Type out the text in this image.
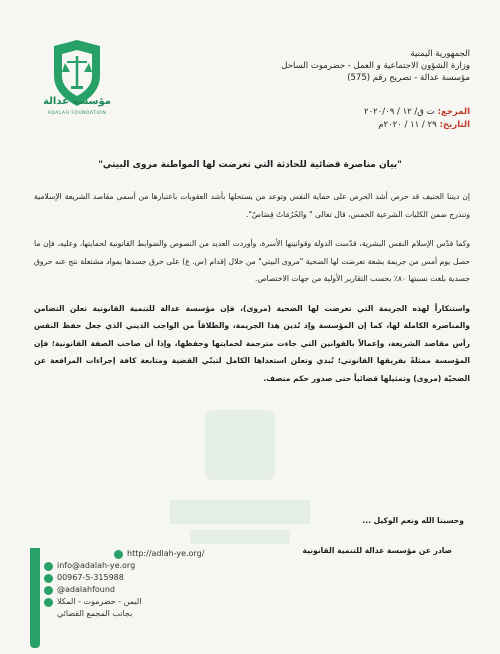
مؤسسة عدالة
ADALAH FOUNDATION
الجمهورية اليمنية
وزارة الشؤون الاجتماعية و العمل - حضرموت الساحل
مؤسسة عدالة - تصريح رقم (575)
المرجع: ت ق/ ١٢ / ٢٠٢٠/٠٩
التاريخ: ٢٩ / ١١ / ٢٠٢٠م
"بيان مناصرة قضائية للحادثة التي تعرضت لها المواطنة مروى البيتي"

إن ديننا الحنيف قد حرص أشد الحرص على حماية النفس وتوعد من يستحلها بأشد العقوبات باعتبارها من أسمى مقاصد الشريعة الإسلامية وتندرج ضمن الكليات الشرعية الخمس، قال تعالى " والحُرُمَاتُ قِصَاصٌ".

وكما قدّس الإسلام النفس البشرية، قدّست الدولة وقوانينها الأسرة، وأوردت العديد من النصوص والضوابط القانونية لحمايتها، وعليه، فإن ما حصل يوم أمس من جريمة بشعة تعرضت لها الضحية "مروى البيتي" من خلال إقدام (س. ع) على حرق جسدها بمواد مشتعلة نتج عنه حروق جسدية بلغت نسبتها ٨٠٪ بحسب التقارير الأولية من جهات الاختصاص.

واستنكاراً لهذه الجريمة التي تعرضت لها الضحية (مروى)، فإن مؤسسة عدالة للتنمية القانونية تعلن التضامن والمناصرة الكاملة لها، كما إن المؤسسة وإذ تُدين هذا الجريمة، والطلاقاً من الواجب الديني الذي جعل حفظ النفس رأس مقاصد الشريعة، وإعمالاً بالقوانين التي جاءت مترجمة لحمايتها وحفظها، وإذا أن صاحب الصفة القانونية؛ فإن المؤسسة ممثلةً بفريقها القانوني؛ تُبدي وتعلن استعداها الكامل لتبنّي القضية ومتابعة كافة إجراءات المرافعة عن الضحيّة (مروى) وتمثيلها قضائياً حتى صدور حكم منصف.

وحسبنا الله ونعم الوكيل ...
صادر عن مؤسسة عدالة للتنمية القانونية
http://adlah-ye.org/
info@adalah-ye.org
00967-5-315988
@adalahfound
اليمن - حضرموت - المكلا
بجانب المجمع القضائي
